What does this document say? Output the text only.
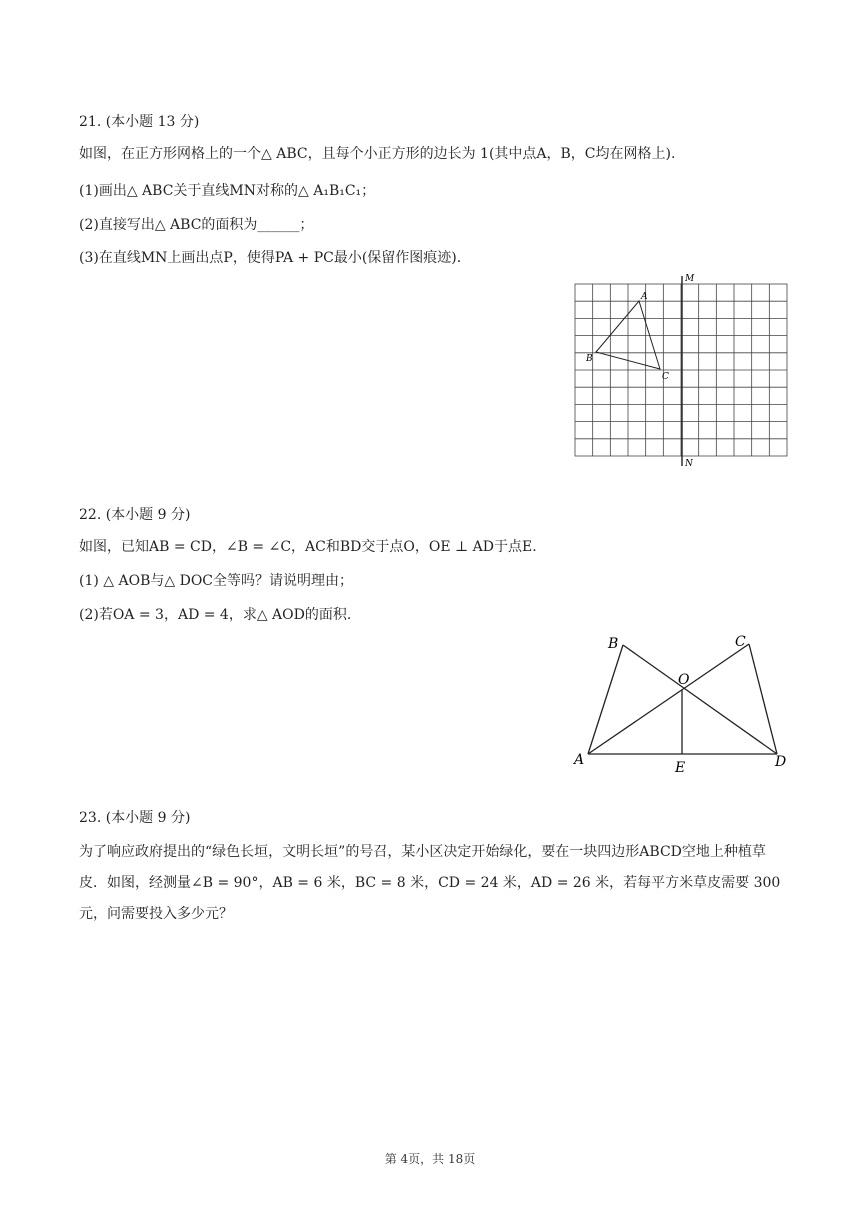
21. (本小题 13 分)
如图，在正方形网格上的一个△ ABC，且每个小正方形的边长为 1(其中点A，B，C均在网格上).
(1)画出△ ABC关于直线MN对称的△ A₁B₁C₁；
(2)直接写出△ ABC的面积为______；
(3)在直线MN上画出点P，使得PA + PC最小(保留作图痕迹).
M
N
A
B
C
22. (本小题 9 分)
如图，已知AB = CD，∠B = ∠C，AC和BD交于点O，OE ⊥ AD于点E.
(1) △ AOB与△ DOC全等吗？请说明理由；
(2)若OA = 3，AD = 4，求△ AOD的面积.
B	C
O
A	E	D
23. (本小题 9 分)
为了响应政府提出的“绿色长垣，文明长垣”的号召，某小区决定开始绿化，要在一块四边形ABCD空地上种植草皮．如图，经测量∠B = 90°，AB = 6 米，BC = 8 米，CD = 24 米，AD = 26 米，若每平方米草皮需要 300 元，问需要投入多少元？
第 4页，共 18页
